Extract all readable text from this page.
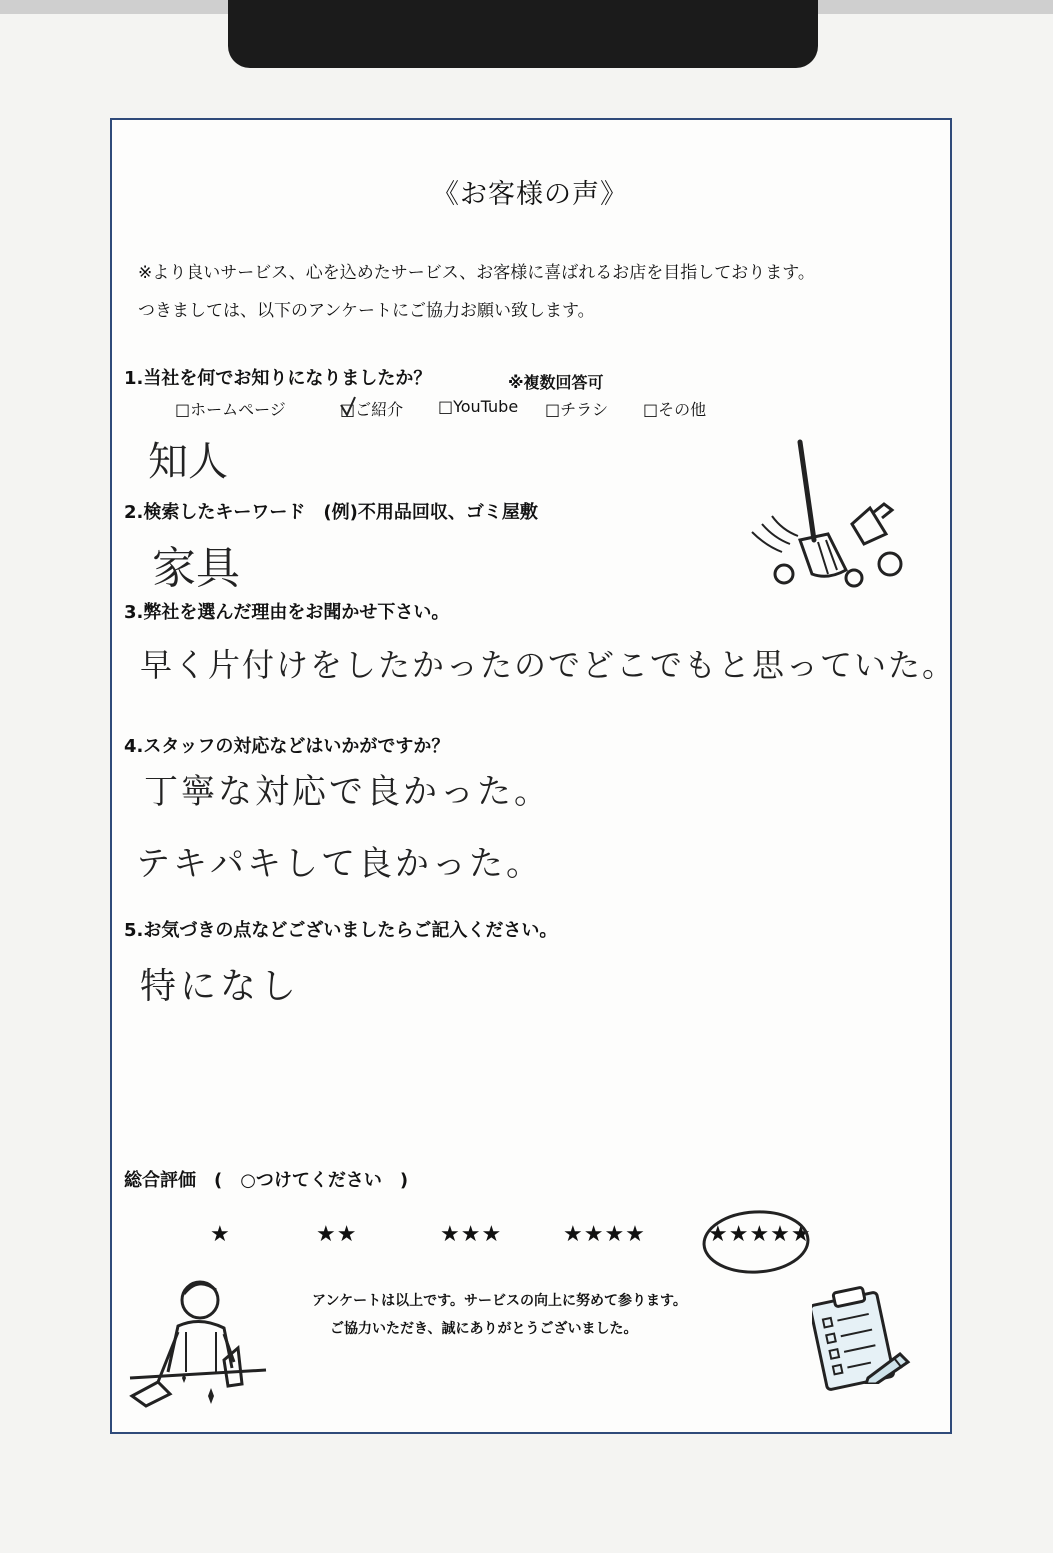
《お客様の声》
※より良いサービス、心を込めたサービス、お客様に喜ばれるお店を目指しております。
つきましては、以下のアンケートにご協力お願い致します。
1.当社を何でお知りになりましたか？	※複数回答可
□ホームページ	□ご紹介 □YouTube □チラシ □その他
知人
2.検索したキーワード　(例)不用品回収、ゴミ屋敷
家具
3.弊社を選んだ理由をお聞かせ下さい。
早く片付けをしたかったのでどこでもと思っていた。
4.スタッフの対応などはいかがですか？
丁寧な対応で良かった。
テキパキして良かった。
5.お気づきの点などございましたらご記入ください。
特になし
総合評価　(　○つけてください　)
★	★★	★★★	★★★★	★★★★★
アンケートは以上です。サービスの向上に努めて参ります。
ご協力いただき、誠にありがとうございました。
